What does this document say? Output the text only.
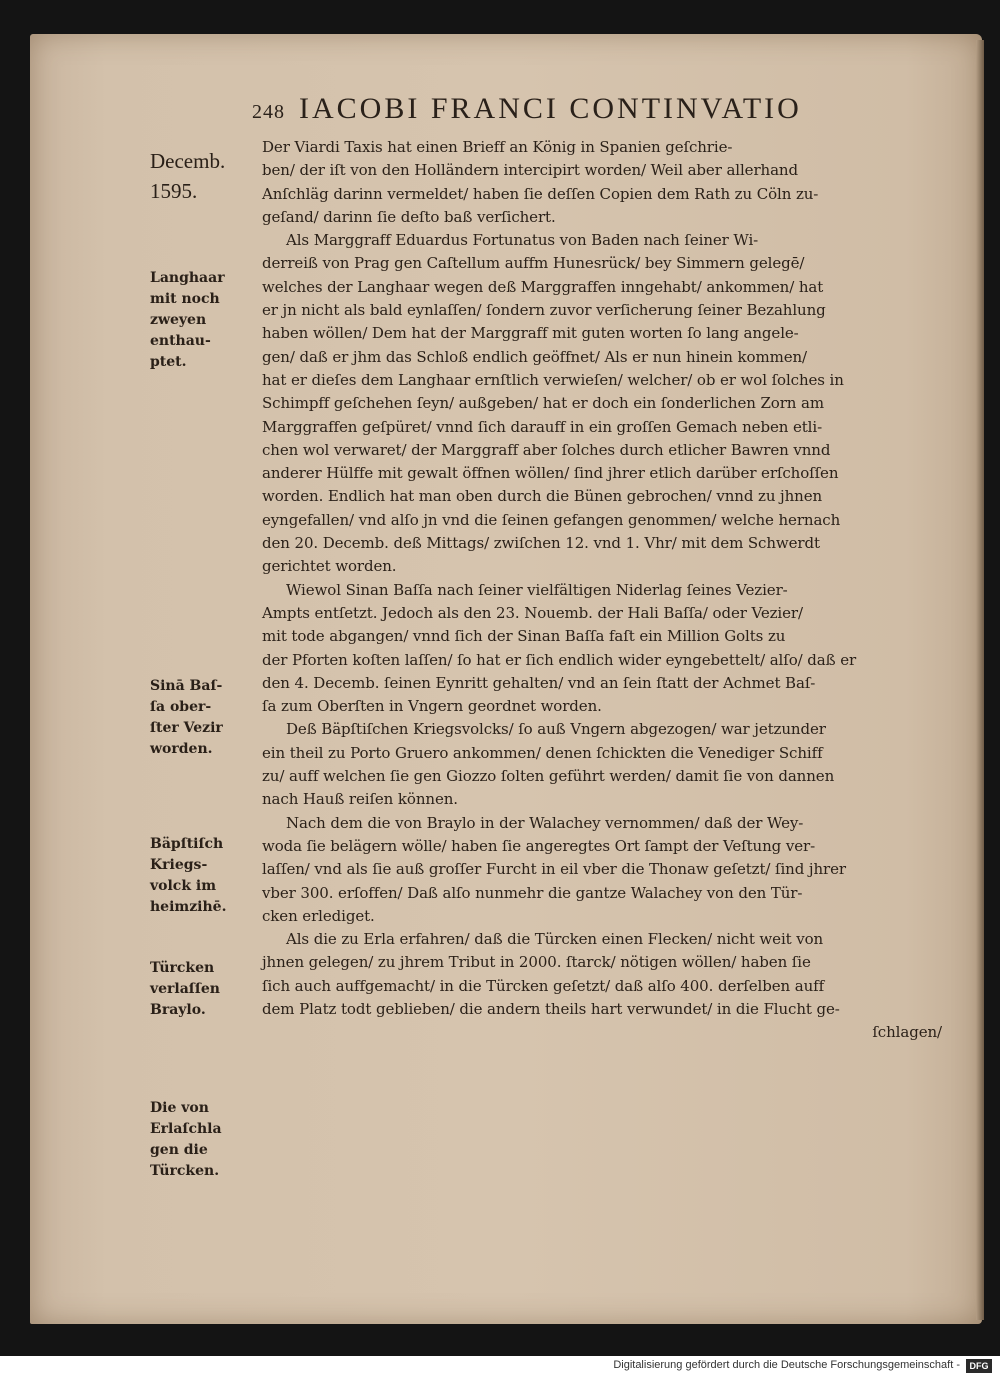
248 IACOBI FRANCI CONTINVATIO
Decemb.
1595.
Langhaar
mit noch
zweyen
enthau-
ptet.
Sinā Baſ-
ſa ober-
ſter Vezir
worden.
Bäpſtiſch
Kriegs-
volck im
heimzihē.
Türcken
verlaſſen
Braylo.
Die von
Erlaſchla
gen die
Türcken.
Der Viardi Taxis hat einen Brieff an König in Spanien geſchrie-
ben/ der iſt von den Holländern intercipirt worden/ Weil aber allerhand
Anſchläg darinn vermeldet/ haben ſie deſſen Copien dem Rath zu Cöln zu-
geſand/ darinn ſie deſto baß verſichert.
Als Marggraff Eduardus Fortunatus von Baden nach ſeiner Wi-
derreiß von Prag gen Caſtellum auffm Hunesrück/ bey Simmern gelegē/
welches der Langhaar wegen deß Marggraffen inngehabt/ ankommen/ hat
er jn nicht als bald eynlaſſen/ ſondern zuvor verſicherung ſeiner Bezahlung
haben wöllen/ Dem hat der Marggraff mit guten worten ſo lang angele-
gen/ daß er jhm das Schloß endlich geöffnet/ Als er nun hinein kommen/
hat er dieſes dem Langhaar ernſtlich verwieſen/ welcher/ ob er wol ſolches in
Schimpff geſchehen ſeyn/ außgeben/ hat er doch ein ſonderlichen Zorn am
Marggraffen geſpüret/ vnnd ſich darauff in ein groſſen Gemach neben etli-
chen wol verwaret/ der Marggraff aber ſolches durch etlicher Bawren vnnd
anderer Hülffe mit gewalt öffnen wöllen/ ſind jhrer etlich darüber erſchoſſen
worden. Endlich hat man oben durch die Bünen gebrochen/ vnnd zu jhnen
eyngefallen/ vnd alſo jn vnd die ſeinen gefangen genommen/ welche hernach
den 20. Decemb. deß Mittags/ zwiſchen 12. vnd 1. Vhr/ mit dem Schwerdt
gerichtet worden.
Wiewol Sinan Baſſa nach ſeiner vielfältigen Niderlag ſeines Vezier-
Ampts entſetzt. Jedoch als den 23. Nouemb. der Hali Baſſa/ oder Vezier/
mit tode abgangen/ vnnd ſich der Sinan Baſſa faſt ein Million Golts zu
der Pforten koſten laſſen/ ſo hat er ſich endlich wider eyngebettelt/ alſo/ daß er
den 4. Decemb. ſeinen Eynritt gehalten/ vnd an ſein ſtatt der Achmet Baſ-
ſa zum Oberſten in Vngern geordnet worden.
Deß Bäpſtiſchen Kriegsvolcks/ ſo auß Vngern abgezogen/ war jetzunder
ein theil zu Porto Gruero ankommen/ denen ſchickten die Venediger Schiff
zu/ auff welchen ſie gen Giozzo ſolten geführt werden/ damit ſie von dannen
nach Hauß reiſen können.
Nach dem die von Braylo in der Walachey vernommen/ daß der Wey-
woda ſie belägern wölle/ haben ſie angeregtes Ort ſampt der Veſtung ver-
laſſen/ vnd als ſie auß groſſer Furcht in eil vber die Thonaw geſetzt/ ſind jhrer
vber 300. erſoffen/ Daß alſo nunmehr die gantze Walachey von den Tür-
cken erlediget.
Als die zu Erla erfahren/ daß die Türcken einen Flecken/ nicht weit von
jhnen gelegen/ zu jhrem Tribut in 2000. ſtarck/ nötigen wöllen/ haben ſie
ſich auch auffgemacht/ in die Türcken geſetzt/ daß alſo 400. derſelben auff
dem Platz todt geblieben/ die andern theils hart verwundet/ in die Flucht ge-
ſchlagen/
Digitalisierung gefördert durch die Deutsche Forschungsgemeinschaft -	DFG
